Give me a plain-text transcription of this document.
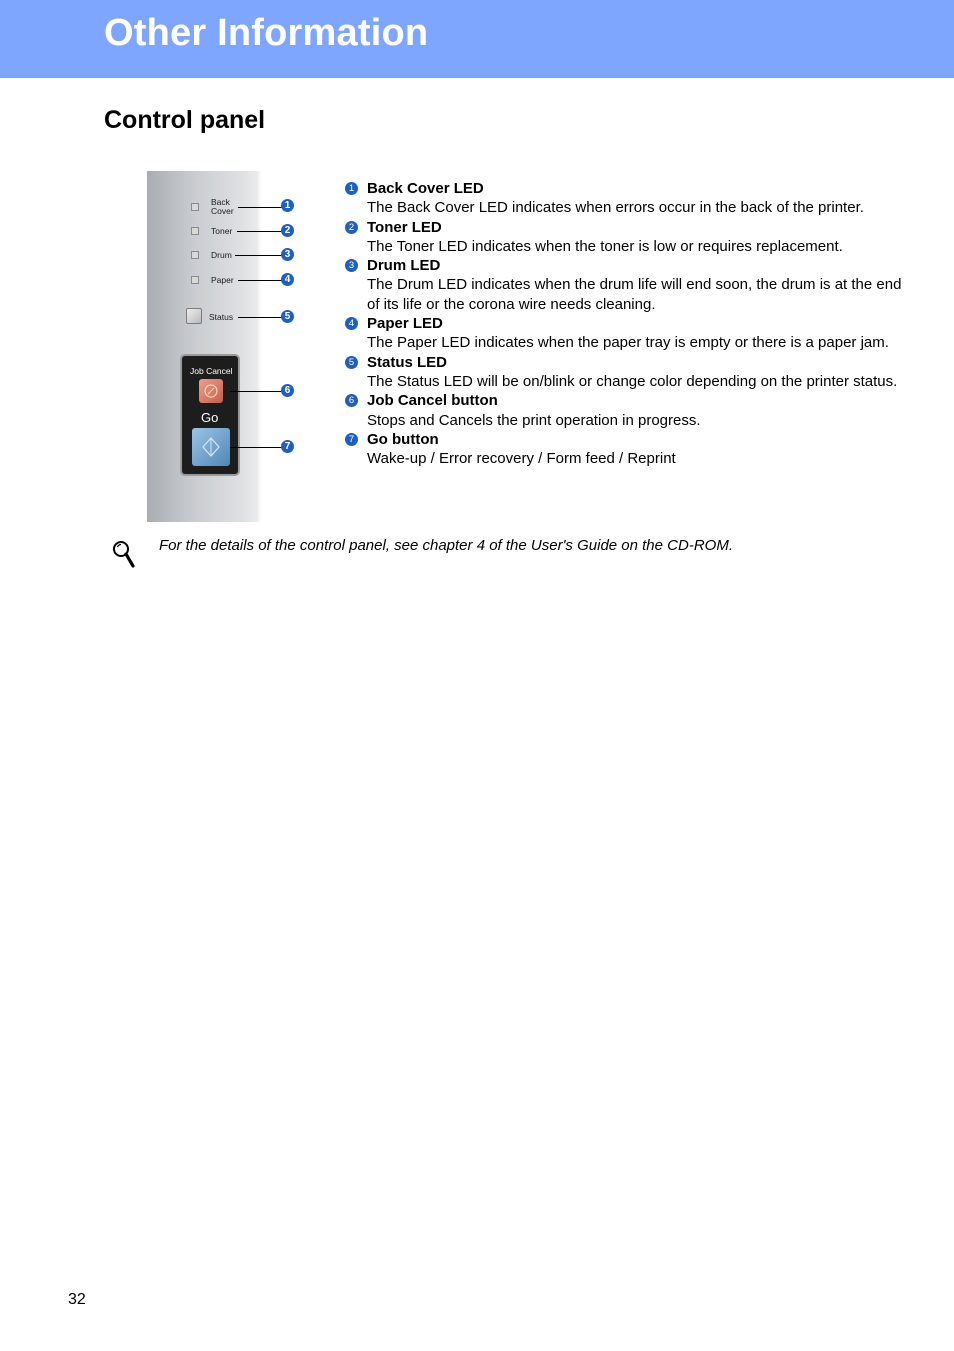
Other Information
Control panel
Back
Cover
Toner
Drum
Paper
Status
Job Cancel
Go
1
2
3
4
5
6
7
1 Back Cover LED
The Back Cover LED indicates when errors occur in the back of the printer.
2 Toner LED
The Toner LED indicates when the toner is low or requires replacement.
3 Drum LED
The Drum LED indicates when the drum life will end soon, the drum is at the end of its life or the corona wire needs cleaning.
4 Paper LED
The Paper LED indicates when the paper tray is empty or there is a paper jam.
5 Status LED
The Status LED will be on/blink or change color depending on the printer status.
6 Job Cancel button
Stops and Cancels the print operation in progress.
7 Go button
Wake-up / Error recovery / Form feed / Reprint
For the details of the control panel, see chapter 4 of the User's Guide on the CD-ROM.
32
